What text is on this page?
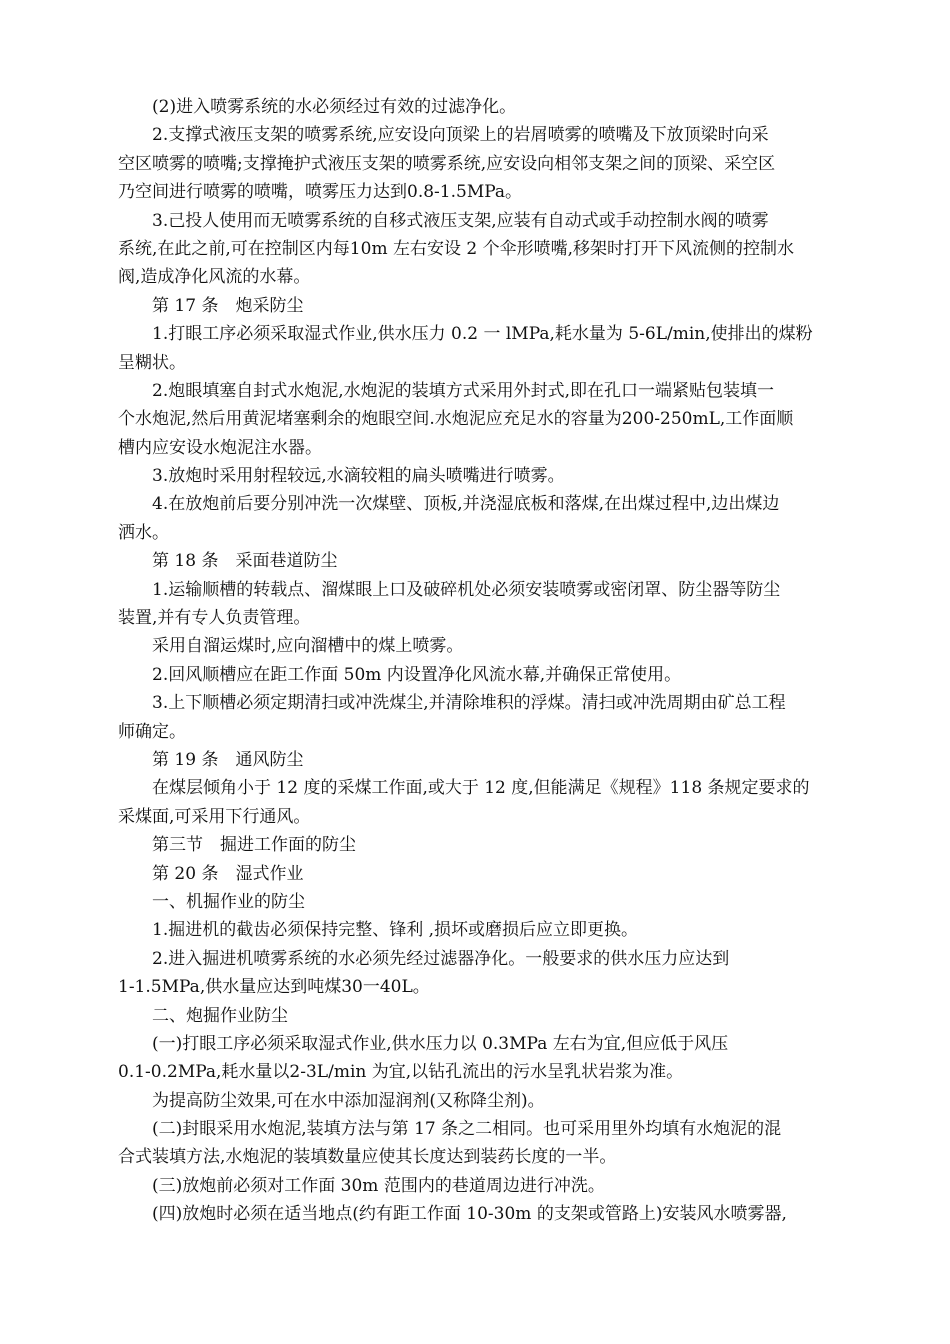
(2)进入喷雾系统的水必须经过有效的过滤净化。
2.支撑式液压支架的喷雾系统,应安设向顶梁上的岩屑喷雾的喷嘴及下放顶梁时向采
空区喷雾的喷嘴;支撑掩护式液压支架的喷雾系统,应安设向相邻支架之间的顶梁、采空区
乃空间进行喷雾的喷嘴，喷雾压力达到0.8-1.5MPa。
3.己投人使用而无喷雾系统的自移式液压支架,应装有自动式或手动控制水阀的喷雾
系统,在此之前,可在控制区内每10m 左右安设 2 个伞形喷嘴,移架时打开下风流侧的控制水
阀,造成净化风流的水幕。
第 17 条　炮采防尘
1.打眼工序必须采取湿式作业,供水压力 0.2 一 lMPa,耗水量为 5-6L/min,使排出的煤粉
呈糊状。
2.炮眼填塞自封式水炮泥,水炮泥的装填方式采用外封式,即在孔口一端紧贴包装填一
个水炮泥,然后用黄泥堵塞剩余的炮眼空间.水炮泥应充足水的容量为200-250mL,工作面顺
槽内应安设水炮泥注水器。
3.放炮时采用射程较远,水滴较粗的扁头喷嘴进行喷雾。
4.在放炮前后要分别冲洗一次煤壁、顶板,并浇湿底板和落煤,在出煤过程中,边出煤边
洒水。
第 18 条　采面巷道防尘
1.运输顺槽的转载点、溜煤眼上口及破碎机处必须安装喷雾或密闭罩、防尘器等防尘
装置,并有专人负责管理。
采用自溜运煤时,应向溜槽中的煤上喷雾。
2.回风顺槽应在距工作面 50m 内设置净化风流水幕,并确保正常使用。
3.上下顺槽必须定期清扫或冲洗煤尘,并清除堆积的浮煤。清扫或冲洗周期由矿总工程
师确定。
第 19 条　通风防尘
在煤层倾角小于 12 度的采煤工作面,或大于 12 度,但能满足《规程》118 条规定要求的
采煤面,可采用下行通风。
第三节　掘进工作面的防尘
第 20 条　湿式作业
一、机掘作业的防尘
1.掘进机的截齿必须保持完整、锋利 ,损坏或磨损后应立即更换。
2.进入掘进机喷雾系统的水必须先经过滤器净化。一般要求的供水压力应达到
1-1.5MPa,供水量应达到吨煤30一40L。
二、炮掘作业防尘
(一)打眼工序必须采取湿式作业,供水压力以 0.3MPa 左右为宜,但应低于风压
0.1-0.2MPa,耗水量以2-3L/min 为宜,以钻孔流出的污水呈乳状岩浆为准。
为提高防尘效果,可在水中添加湿润剂(又称降尘剂)。
(二)封眼采用水炮泥,装填方法与第 17 条之二相同。也可采用里外均填有水炮泥的混
合式装填方法,水炮泥的装填数量应使其长度达到装药长度的一半。
(三)放炮前必须对工作面 30m 范围内的巷道周边进行冲洗。
(四)放炮时必须在适当地点(约有距工作面 10-30m 的支架或管路上)安装风水喷雾器,
